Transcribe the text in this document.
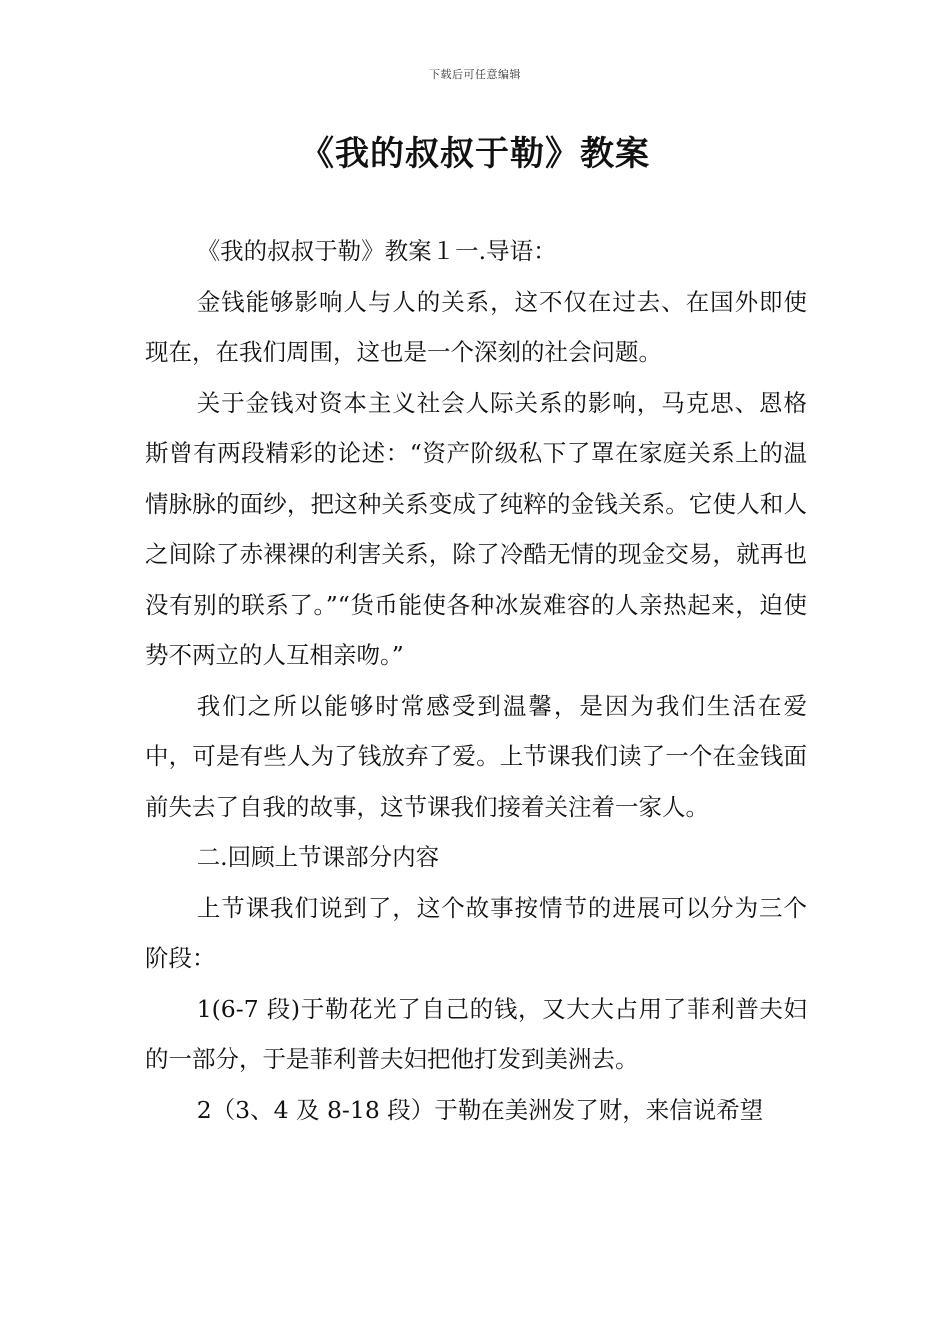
下载后可任意编辑
《我的叔叔于勒》教案

《我的叔叔于勒》教案１一.导语：

金钱能够影响人与人的关系，这不仅在过去、在国外即使现在，在我们周围，这也是一个深刻的社会问题。

关于金钱对资本主义社会人际关系的影响，马克思、恩格斯曾有两段精彩的论述：“资产阶级私下了罩在家庭关系上的温情脉脉的面纱，把这种关系变成了纯粹的金钱关系。它使人和人之间除了赤裸裸的利害关系，除了冷酷无情的现金交易，就再也没有别的联系了。”“货币能使各种冰炭难容的人亲热起来，迫使势不两立的人互相亲吻。”

我们之所以能够时常感受到温馨，是因为我们生活在爱中，可是有些人为了钱放弃了爱。上节课我们读了一个在金钱面前失去了自我的故事，这节课我们接着关注着一家人。

二.回顾上节课部分内容

上节课我们说到了，这个故事按情节的进展可以分为三个阶段：

1(6-7 段)于勒花光了自己的钱，又大大占用了菲利普夫妇的一部分，于是菲利普夫妇把他打发到美洲去。

2（3、4 及 8-18 段）于勒在美洲发了财，来信说希望
